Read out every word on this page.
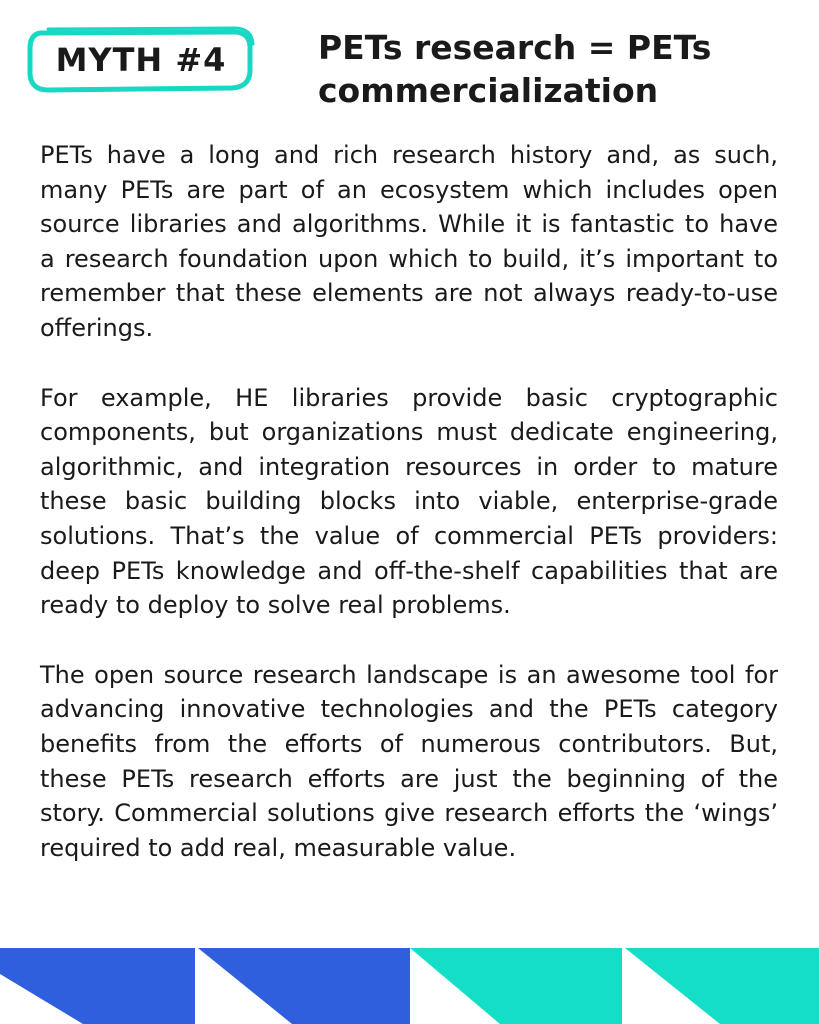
MYTH #4	PETs research = PETs commercialization

PETs have a long and rich research history and, as such, many PETs are part of an ecosystem which includes open source libraries and algorithms. While it is fantastic to have a research foundation upon which to build, it’s important to remember that these elements are not always ready-to-use offerings.

For example, HE libraries provide basic cryptographic components, but organizations must dedicate engineering, algorithmic, and integration resources in order to mature these basic building blocks into viable, enterprise-grade solutions. That’s the value of commercial PETs providers: deep PETs knowledge and off-the-shelf capabilities that are ready to deploy to solve real problems.

The open source research landscape is an awesome tool for advancing innovative technologies and the PETs category benefits from the efforts of numerous contributors. But, these PETs research efforts are just the beginning of the story. Commercial solutions give research efforts the ‘wings’ required to add real, measurable value.
